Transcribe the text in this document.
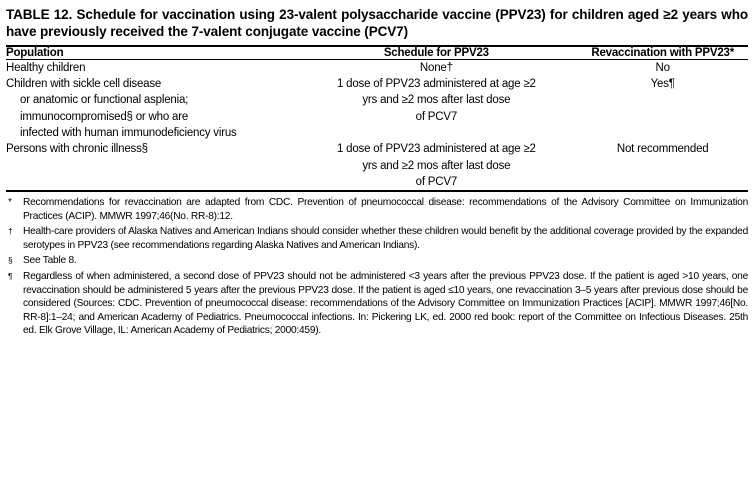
TABLE 12. Schedule for vaccination using 23-valent polysaccharide vaccine (PPV23) for children aged ≥2 years who have previously received the 7-valent conjugate vaccine (PCV7)
Population	Schedule for PPV23	Revaccination with PPV23*
Healthy children	None†	No
Children with sickle cell disease
or anatomic or functional asplenia;
immunocompromised§ or who are
infected with human immunodeficiency virus	1 dose of PPV23 administered at age ≥2
yrs and ≥2 mos after last dose
of PCV7	Yes¶
Persons with chronic illness§	1 dose of PPV23 administered at age ≥2
yrs and ≥2 mos after last dose
of PCV7	Not recommended
*	Recommendations for revaccination are adapted from CDC. Prevention of pneumococcal disease: recommendations of the Advisory Committee on Immunization Practices (ACIP). MMWR 1997;46(No. RR-8):12.
†	Health-care providers of Alaska Natives and American Indians should consider whether these children would benefit by the additional coverage provided by the expanded serotypes in PPV23 (see recommendations regarding Alaska Natives and American Indians).
§	See Table 8.
¶	Regardless of when administered, a second dose of PPV23 should not be administered <3 years after the previous PPV23 dose. If the patient is aged >10 years, one revaccination should be administered 5 years after the previous PPV23 dose. If the patient is aged ≤10 years, one revaccination 3–5 years after previous dose should be considered (Sources: CDC. Prevention of pneumococcal disease: recommendations of the Advisory Committee on Immunization Practices [ACIP]. MMWR 1997;46[No. RR-8]:1–24; and American Academy of Pediatrics. Pneumococcal infections. In: Pickering LK, ed. 2000 red book: report of the Committee on Infectious Diseases. 25th ed. Elk Grove Village, IL: American Academy of Pediatrics; 2000:459).
